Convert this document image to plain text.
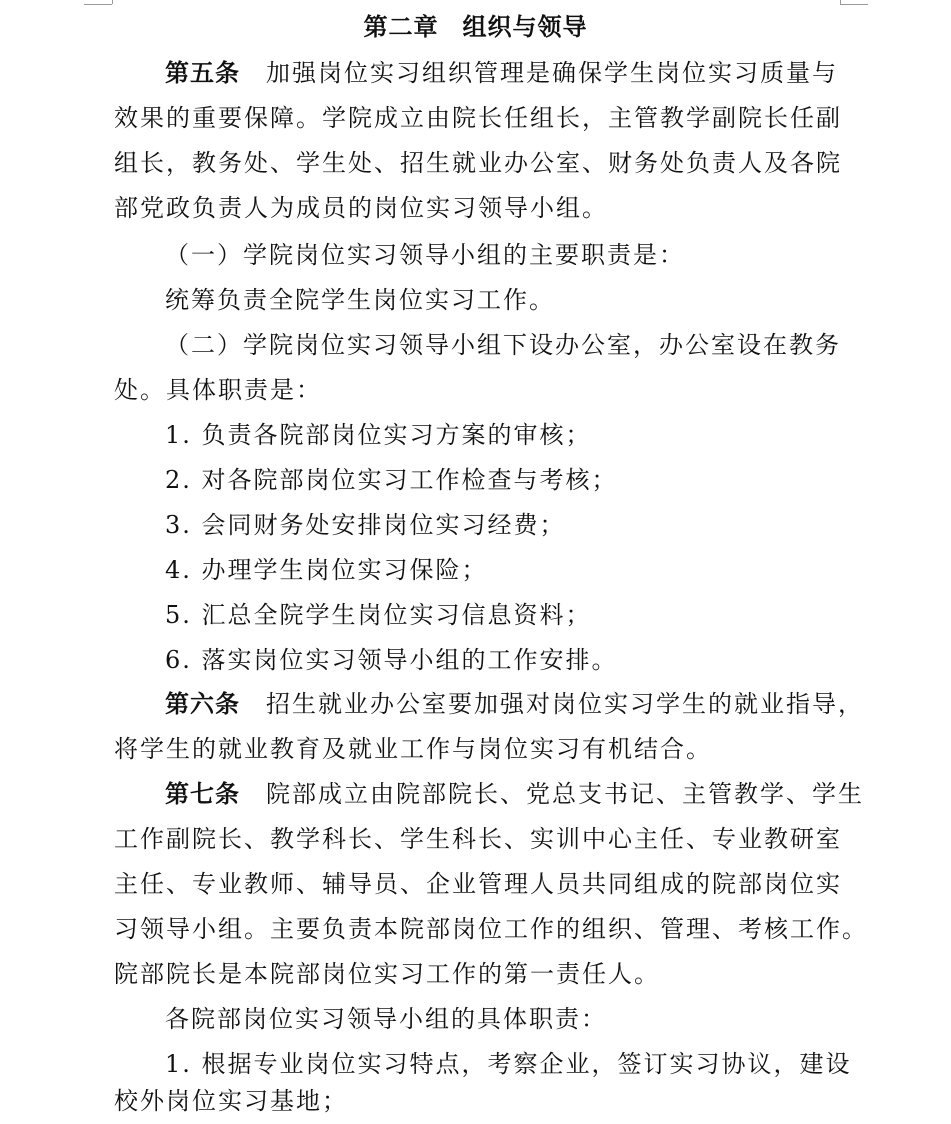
第二章 组织与领导
第五条  加强岗位实习组织管理是确保学生岗位实习质量与
效果的重要保障。学院成立由院长任组长，主管教学副院长任副
组长，教务处、学生处、招生就业办公室、财务处负责人及各院
部党政负责人为成员的岗位实习领导小组。
（一）学院岗位实习领导小组的主要职责是：
统筹负责全院学生岗位实习工作。
（二）学院岗位实习领导小组下设办公室，办公室设在教务
处。具体职责是：
1. 负责各院部岗位实习方案的审核；
2. 对各院部岗位实习工作检查与考核；
3. 会同财务处安排岗位实习经费；
4. 办理学生岗位实习保险；
5. 汇总全院学生岗位实习信息资料；
6. 落实岗位实习领导小组的工作安排。
第六条  招生就业办公室要加强对岗位实习学生的就业指导，
将学生的就业教育及就业工作与岗位实习有机结合。
第七条  院部成立由院部院长、党总支书记、主管教学、学生
工作副院长、教学科长、学生科长、实训中心主任、专业教研室
主任、专业教师、辅导员、企业管理人员共同组成的院部岗位实
习领导小组。主要负责本院部岗位工作的组织、管理、考核工作。
院部院长是本院部岗位实习工作的第一责任人。
各院部岗位实习领导小组的具体职责：
1. 根据专业岗位实习特点，考察企业，签订实习协议，建设
校外岗位实习基地；
